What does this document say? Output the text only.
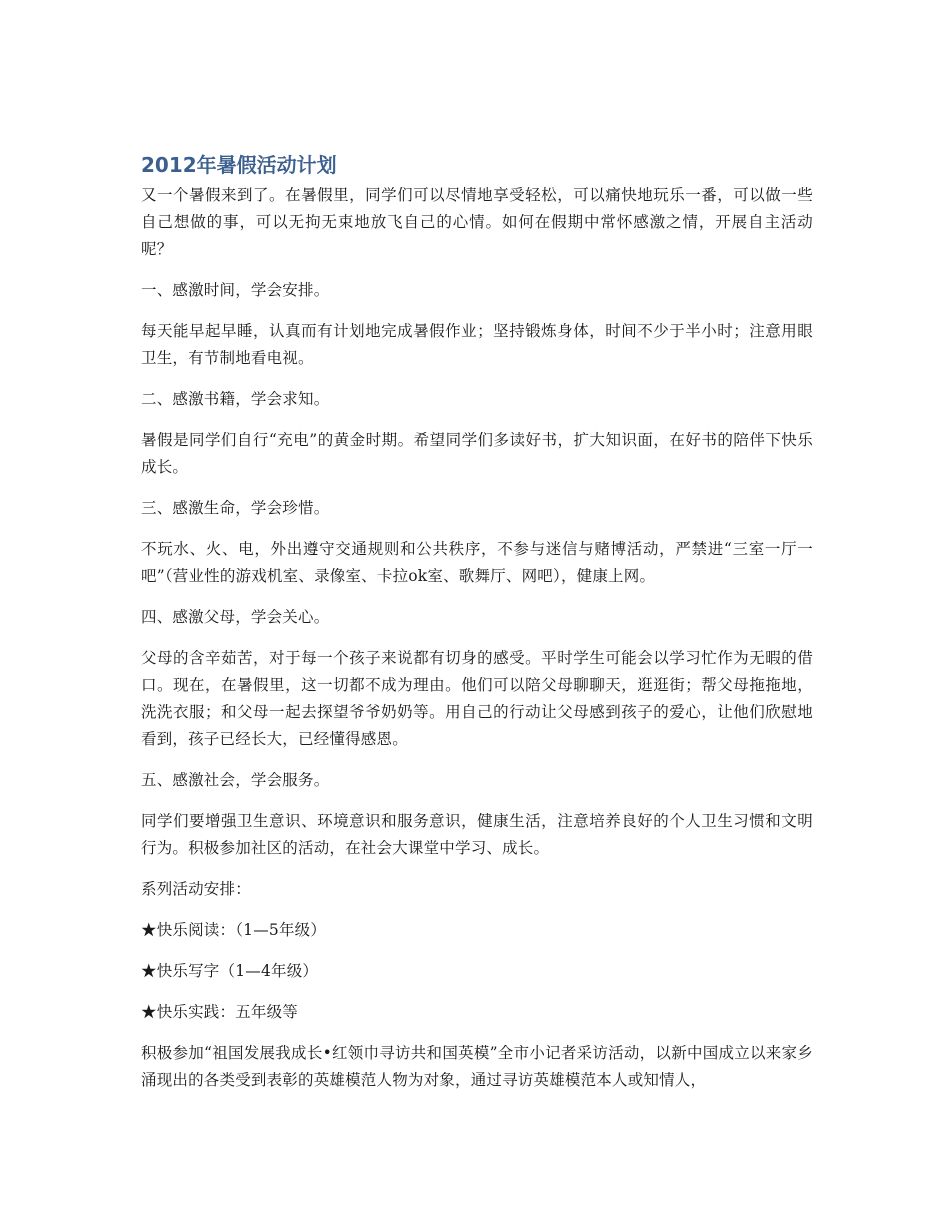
2012年暑假活动计划

又一个暑假来到了。在暑假里，同学们可以尽情地享受轻松，可以痛快地玩乐一番，可以做一些自己想做的事，可以无拘无束地放飞自己的心情。如何在假期中常怀感激之情，开展自主活动呢？

一、感激时间，学会安排。

每天能早起早睡，认真而有计划地完成暑假作业；坚持锻炼身体，时间不少于半小时；注意用眼卫生，有节制地看电视。

二、感激书籍，学会求知。

暑假是同学们自行“充电”的黄金时期。希望同学们多读好书，扩大知识面，在好书的陪伴下快乐成长。

三、感激生命，学会珍惜。

不玩水、火、电，外出遵守交通规则和公共秩序，不参与迷信与赌博活动，严禁进“三室一厅一吧”（营业性的游戏机室、录像室、卡拉ok室、歌舞厅、网吧），健康上网。

四、感激父母，学会关心。

父母的含辛茹苦，对于每一个孩子来说都有切身的感受。平时学生可能会以学习忙作为无暇的借口。现在，在暑假里，这一切都不成为理由。他们可以陪父母聊聊天，逛逛街；帮父母拖拖地，洗洗衣服；和父母一起去探望爷爷奶奶等。用自己的行动让父母感到孩子的爱心，让他们欣慰地看到，孩子已经长大，已经懂得感恩。

五、感激社会，学会服务。

同学们要增强卫生意识、环境意识和服务意识，健康生活，注意培养良好的个人卫生习惯和文明行为。积极参加社区的活动，在社会大课堂中学习、成长。

系列活动安排：

★快乐阅读：（1—5年级）

★快乐写字（1—4年级）

★快乐实践：五年级等

积极参加“祖国发展我成长•红领巾寻访共和国英模”全市小记者采访活动，以新中国成立以来家乡涌现出的各类受到表彰的英雄模范人物为对象，通过寻访英雄模范本人或知情人，
